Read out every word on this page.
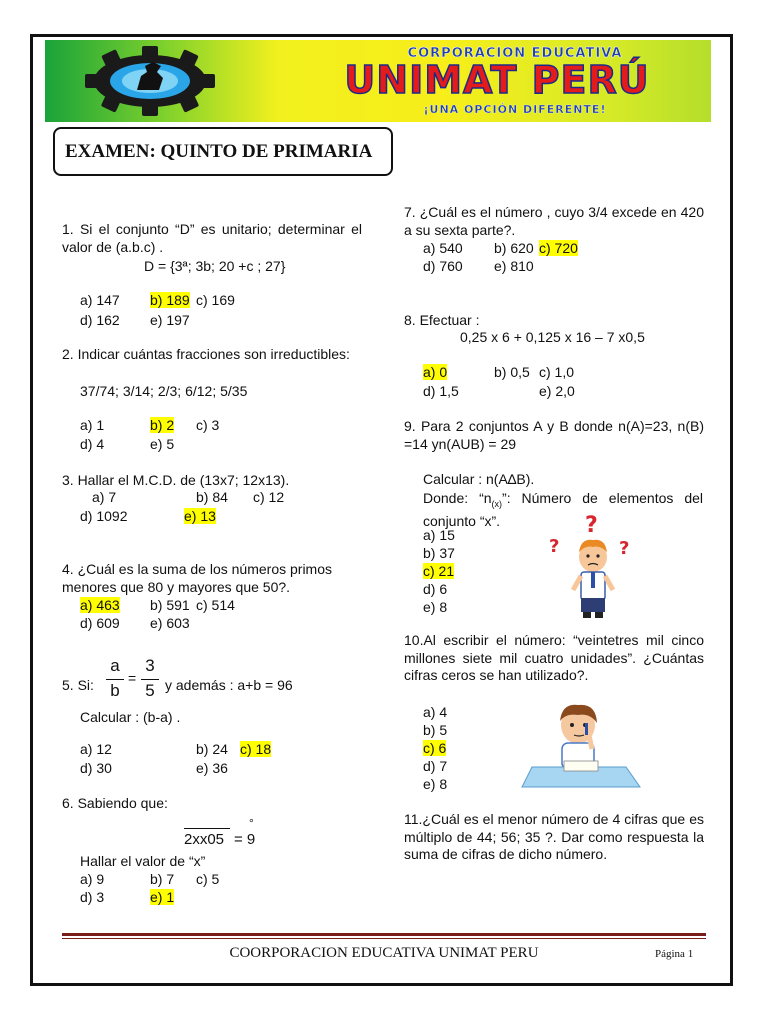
CORPORACION EDUCATIVA
UNIMAT PERÚ
¡UNA OPCIÓN DIFERENTE!
EXAMEN: QUINTO DE PRIMARIA
1. Si el conjunto “D” es unitario; determinar el valor de (a.b.c) .
D = {3ª; 3b; 20 +c ; 27}
a) 147 b) 189 c) 169
d) 162 e) 197
2. Indicar cuántas fracciones son irreductibles:
37/74; 3/14; 2/3; 6/12; 5/35
a) 1	b) 2 c) 3
d) 4	e) 5
3. Hallar el M.C.D. de (13x7; 12x13).
a) 7	b) 84 c) 12
d) 1092	e) 13
4. ¿Cuál es la suma de los números primos menores que 80 y mayores que 50?.
a) 463 b) 591 c) 514
d) 609 e) 603
5. Si:
a
b
=
3
5 y además : a+b = 96
Calcular : (b-a) .
a) 12	b) 24 c) 18
d) 30	e) 36
6. Sabiendo que:
2xx05 = 9
°
Hallar el valor de “x”
a) 9	b) 7 c) 5
d) 3	e) 1
7. ¿Cuál es el número , cuyo 3/4 excede en 420 a su sexta parte?.
a) 540 b) 620 c) 720
d) 760 e) 810
8. Efectuar :
0,25 x 6 + 0,125 x 16 – 7 x0,5
a) 0	b) 0,5 c) 1,0
d) 1,5	e) 2,0
9. Para 2 conjuntos A y B donde n(A)=23, n(B) =14 yn(AUB) = 29
Calcular : n(A∆B).
Donde: “$n_{(x)}$”: Número de elementos del conjunto “x”.
a) 15
b) 37
c) 21
d) 6
e) 8
?
?	?
10.Al escribir el número: “veintetres mil cinco millones siete mil cuatro unidades”. ¿Cuántas cifras ceros se han utilizado?.
a) 4
b) 5
c) 6
d) 7
e) 8
11.¿Cuál es el menor número de 4 cifras que es múltiplo de 44; 56; 35 ?. Dar como respuesta la suma de cifras de dicho número.
COORPORACION EDUCATIVA UNIMAT PERU	Página 1
